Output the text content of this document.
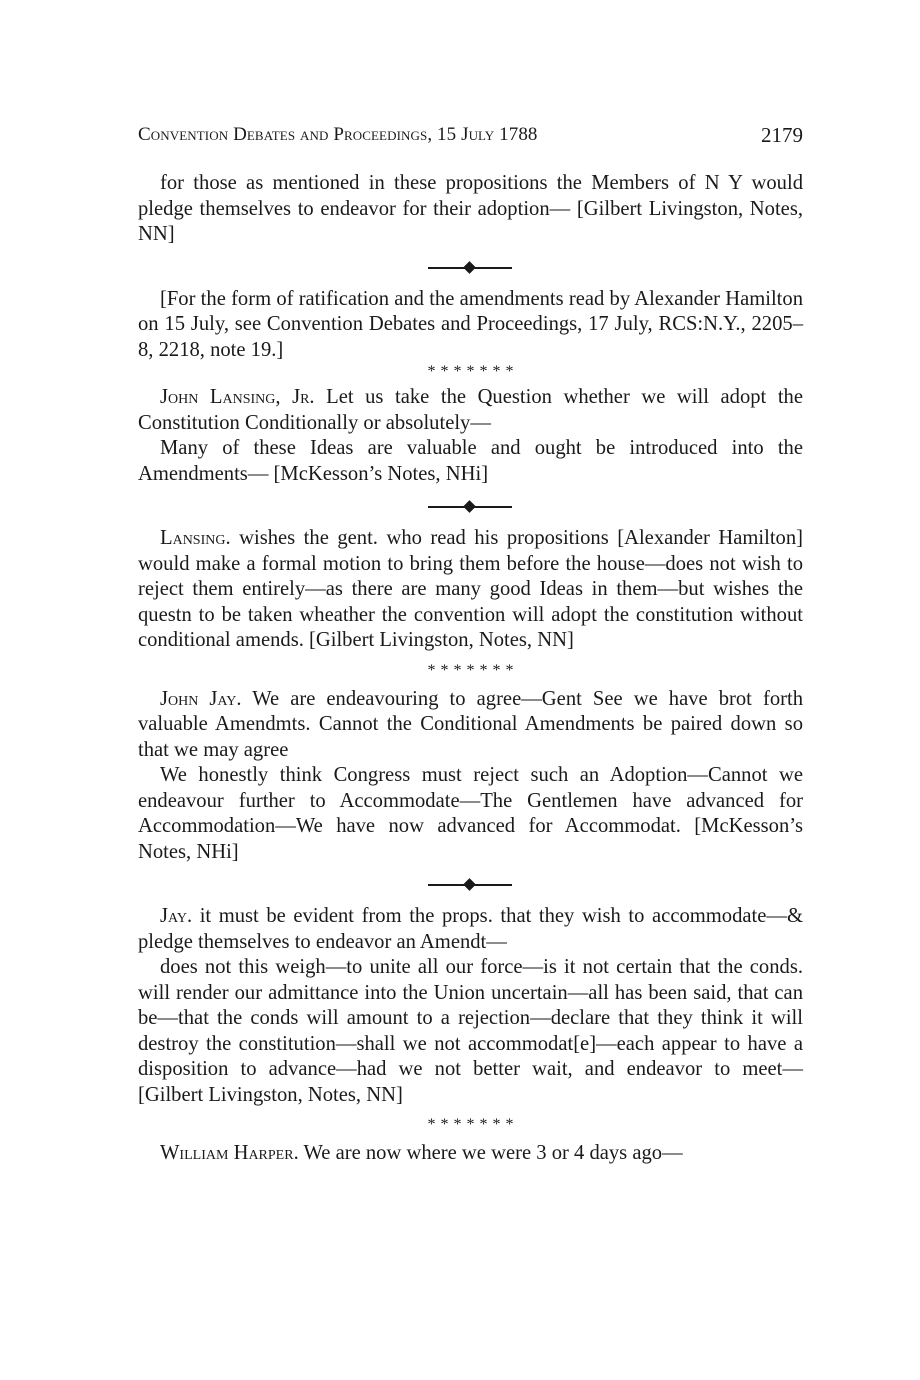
Convention Debates and Proceedings, 15 July 1788	2179

for those as mentioned in these propositions the Members of N Y would pledge themselves to endeavor for their adoption— [Gilbert Livingston, Notes, NN]

[For the form of ratification and the amendments read by Alexander Hamilton on 15 July, see Convention Debates and Proceedings, 17 July, RCS:N.Y., 2205–8, 2218, note 19.]

*******

John Lansing, Jr. Let us take the Question whether we will adopt the Constitution Conditionally or absolutely—

Many of these Ideas are valuable and ought be introduced into the Amendments— [McKesson’s Notes, NHi]

Lansing. wishes the gent. who read his propositions [Alexander Hamilton] would make a formal motion to bring them before the house—does not wish to reject them entirely—as there are many good Ideas in them—but wishes the questn to be taken wheather the convention will adopt the constitution without conditional amends. [Gilbert Livingston, Notes, NN]

*******

John Jay. We are endeavouring to agree—Gent See we have brot forth valuable Amendmts. Cannot the Conditional Amendments be paired down so that we may agree

We honestly think Congress must reject such an Adoption—Cannot we endeavour further to Accommodate—The Gentlemen have advanced for Accommodation—We have now advanced for Accommodat. [McKesson’s Notes, NHi]

Jay. it must be evident from the props. that they wish to accommodate—& pledge themselves to endeavor an Amendt—

does not this weigh—to unite all our force—is it not certain that the conds. will render our admittance into the Union uncertain—all has been said, that can be—that the conds will amount to a rejection—declare that they think it will destroy the constitution—shall we not accommodat[e]—each appear to have a disposition to advance—had we not better wait, and endeavor to meet— [Gilbert Livingston, Notes, NN]

*******

William Harper. We are now where we were 3 or 4 days ago—
